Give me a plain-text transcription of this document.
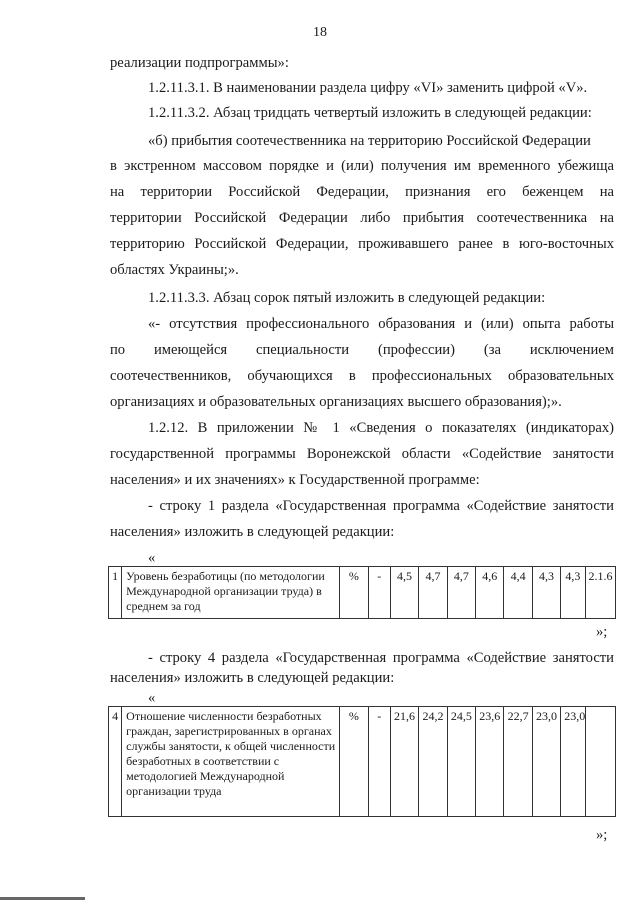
18
реализации подпрограммы»:
1.2.11.3.1. В наименовании раздела цифру «VI» заменить цифрой «V».
1.2.11.3.2. Абзац тридцать четвертый изложить в следующей редакции:
«б) прибытия соотечественника на территорию Российской Федерации
в экстренном массовом порядке и (или) получения им временного убежища
на территории Российской Федерации, признания его беженцем на
территории Российской Федерации либо прибытия соотечественника на
территорию Российской Федерации, проживавшего ранее в юго-восточных
областях Украины;».
1.2.11.3.3. Абзац сорок пятый изложить в следующей редакции:
«- отсутствия профессионального образования и (или) опыта работы
по имеющейся специальности (профессии) (за исключением
соотечественников, обучающихся в профессиональных образовательных
организациях и образовательных организациях высшего образования);».
1.2.12. В приложении № 1 «Сведения о показателях (индикаторах)
государственной программы Воронежской области «Содействие занятости
населения» и их значениях» к Государственной программе:
- строку 1 раздела «Государственная программа «Содействие занятости
населения» изложить в следующей редакции:
«
1	Уровень безработицы (по методологии Международной организации труда) в среднем за год	%	-	4,5	4,7	4,7	4,6	4,4	4,3	4,3	2.1.6
»;
- строку 4 раздела «Государственная программа «Содействие занятости
населения» изложить в следующей редакции:
«
4	Отношение численности безработных граждан, зарегистрированных в органах службы занятости, к общей численности безработных в соответствии с методологией Международной организации труда	%	-	21,6	24,2	24,5	23,6	22,7	23,0	23,0	
»;
